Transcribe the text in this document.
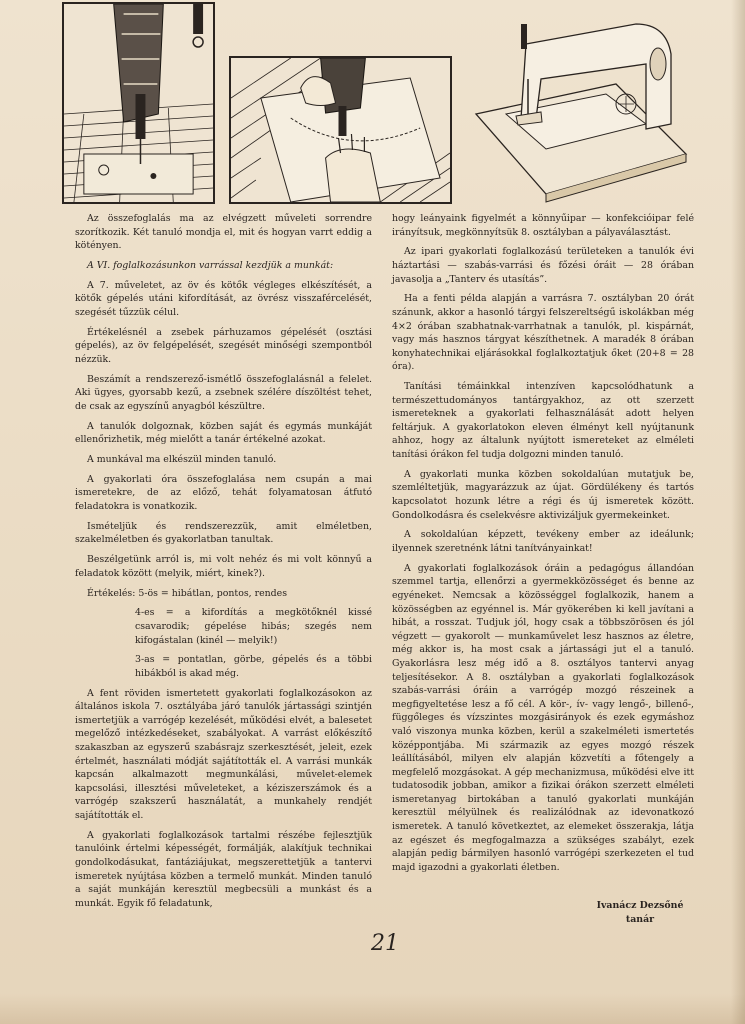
Az összefoglalás ma az elvégzett műveleti sorrendre szorítkozik. Két tanuló mondja el, mit és hogyan varrt eddig a kötényen.

A VI. foglalkozásunkon varrással kezdjük a munkát:

A 7. műveletet, az öv és kötők végleges elkészítését, a kötők gépelés utáni kifordítását, az övrész visszafércelését, szegését tűzzük célul.

Értékelésnél a zsebek párhuzamos gépelését (osztási gépelés), az öv felgépelését, szegését minőségi szempontból nézzük.

Beszámít a rendszerező-ismétlő összefoglalásnál a felelet. Aki ügyes, gyorsabb kezű, a zsebnek szélére díszöltést tehet, de csak az egyszínű anyagból készültre.

A tanulók dolgoznak, közben saját és egymás munkáját ellenőrizhetik, még mielőtt a tanár értékelné azokat.

A munkával ma elkészül minden tanuló.

A gyakorlati óra összefoglalása nem csupán a mai ismeretekre, de az előző, tehát folyamatosan átfutó feladatokra is vonatkozik.

Ismételjük és rendszerezzük, amit elméletben, szakelméletben és gyakorlatban tanultak.

Beszélgetünk arról is, mi volt nehéz és mi volt könnyű a feladatok között (melyik, miért, kinek?).

Értékelés: 5-ös = hibátlan, pontos, rendes

4-es = a kifordítás a megkötőknél kissé csavarodik; gépelése hibás; szegés nem kifogástalan (kinél — melyik!)

3-as = pontatlan, görbe, gépelés és a többi hibákból is akad még.

A fent röviden ismertetett gyakorlati foglalkozásokon az általános iskola 7. osztályába járó tanulók jártassági szintjén ismertetjük a varrógép kezelését, működési elvét, a balesetet megelőző intézkedéseket, szabályokat. A varrást előkészítő szakaszban az egyszerű szabásrajz szerkesztését, jeleit, ezek értelmét, használati módját sajátították el. A varrási munkák kapcsán alkalmazott megmunkálási, művelet-elemek kapcsolási, illesztési műveleteket, a kéziszerszámok és a varrógép szakszerű használatát, a munkahely rendjét sajátították el.

A gyakorlati foglalkozások tartalmi részébe fejlesztjük tanulóink értelmi képességét, formálják, alakítjuk technikai gondolkodásukat, fantáziájukat, megszerettetjük a tantervi ismeretek nyújtása közben a termelő munkát. Minden tanuló a saját munkáján keresztül megbecsüli a munkást és a munkát. Egyik fő feladatunk,

hogy leányaink figyelmét a könnyűipar — konfekcióipar felé irányítsuk, megkönnyítsük 8. osztályban a pályaválasztást.

Az ipari gyakorlati foglalkozású területeken a tanulók évi háztartási — szabás-varrási és főzési óráit — 28 órában javasolja a „Tanterv és utasítás”.

Ha a fenti példa alapján a varrásra 7. osztályban 20 órát szánunk, akkor a hasonló tárgyi felszereltségű iskolákban még 4×2 órában szabhatnak-varrhatnak a tanulók, pl. kispárnát, vagy más hasznos tárgyat készíthetnek. A maradék 8 órában konyhatechnikai eljárásokkal foglalkoztatjuk őket (20+8 = 28 óra).

Tanítási témáinkkal intenzíven kapcsolódhatunk a természettudományos tantárgyakhoz, az ott szerzett ismereteknek a gyakorlati felhasználását adott helyen feltárjuk. A gyakorlatokon eleven élményt kell nyújtanunk ahhoz, hogy az általunk nyújtott ismereteket az elméleti tanítási órákon fel tudja dolgozni minden tanuló.

A gyakorlati munka közben sokoldalúan mutatjuk be, szemléltetjük, magyarázzuk az újat. Gördülékeny és tartós kapcsolatot hozunk létre a régi és új ismeretek között. Gondolkodásra és cselekvésre aktivizáljuk gyermekeinket.

A sokoldalúan képzett, tevékeny ember az ideálunk; ilyennek szeretnénk látni tanítványainkat!

A gyakorlati foglalkozások óráin a pedagógus állandóan szemmel tartja, ellenőrzi a gyermekközösséget és benne az egyéneket. Nemcsak a közösséggel foglalkozik, hanem a közösségben az egyénnel is. Már gyökerében ki kell javítani a hibát, a rosszat. Tudjuk jól, hogy csak a többszörösen és jól végzett — gyakorolt — munkaművelet lesz hasznos az életre, még akkor is, ha most csak a jártassági jut el a tanuló. Gyakorlásra lesz még idő a 8. osztályos tantervi anyag teljesítésekor. A 8. osztályban a gyakorlati foglalkozások szabás-varrási óráin a varrógép mozgó részeinek a megfigyeltetése lesz a fő cél. A kör-, ív- vagy lengő-, billenő-, függőleges és vízszintes mozgásirányok és ezek egymáshoz való viszonya munka közben, kerül a szakelméleti ismertetés középpontjába. Mi származik az egyes mozgó részek leállításából, milyen elv alapján közvetíti a főtengely a megfelelő mozgásokat. A gép mechanizmusa, működési elve itt tudatosodik jobban, amikor a fizikai órákon szerzett elméleti ismeretanyag birtokában a tanuló gyakorlati munkáján keresztül mélyülnek és realizálódnak az idevonatkozó ismeretek. A tanuló következtet, az elemeket összerakja, látja az egészet és megfogalmazza a szükséges szabályt, ezek alapján pedig bármilyen hasonló varrógépi szerkezeten el tud majd igazodni a gyakorlati életben.

Ivanácz Dezsőné
tanár
21
